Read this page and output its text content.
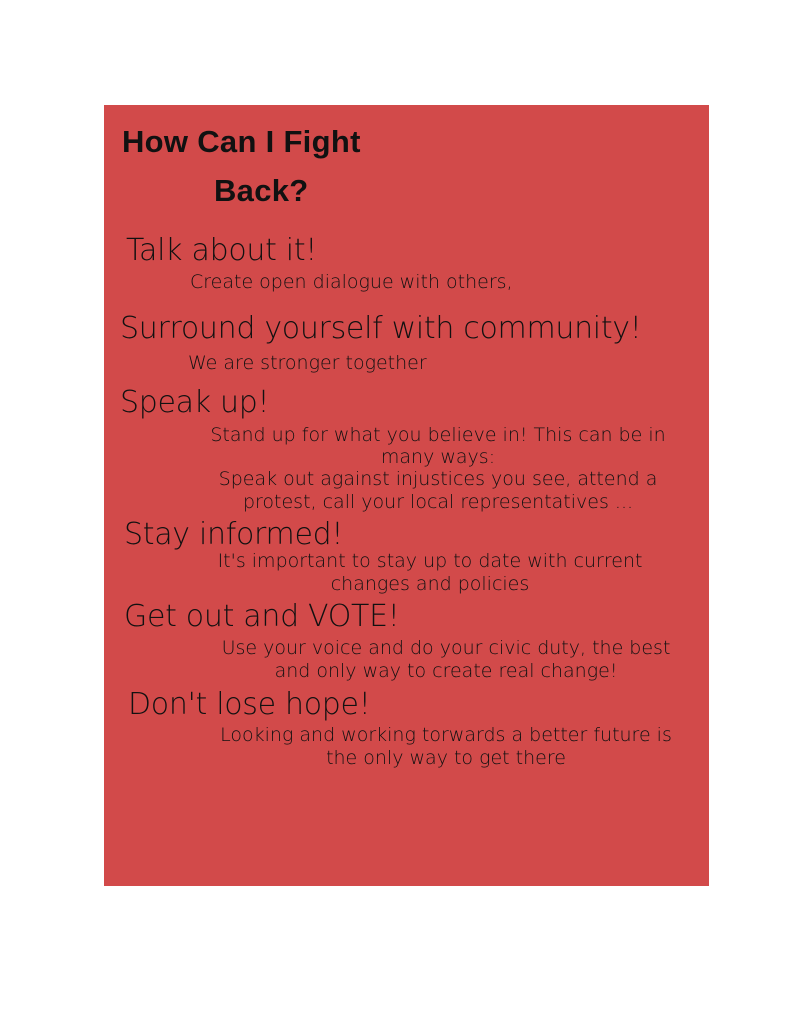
How Can I Fight
Back?
Talk about it!
Create open dialogue with others,
Surround yourself with community!
We are stronger together
Speak up!
Stand up for what you believe in! This can be in
many ways:
Speak out against injustices you see, attend a
protest, call your local representatives ...
Stay informed!
It's important to stay up to date with current
changes and policies
Get out and VOTE!
Use your voice and do your civic duty, the best
and only way to create real change!
Don't lose hope!
Looking and working torwards a better future is
the only way to get there
